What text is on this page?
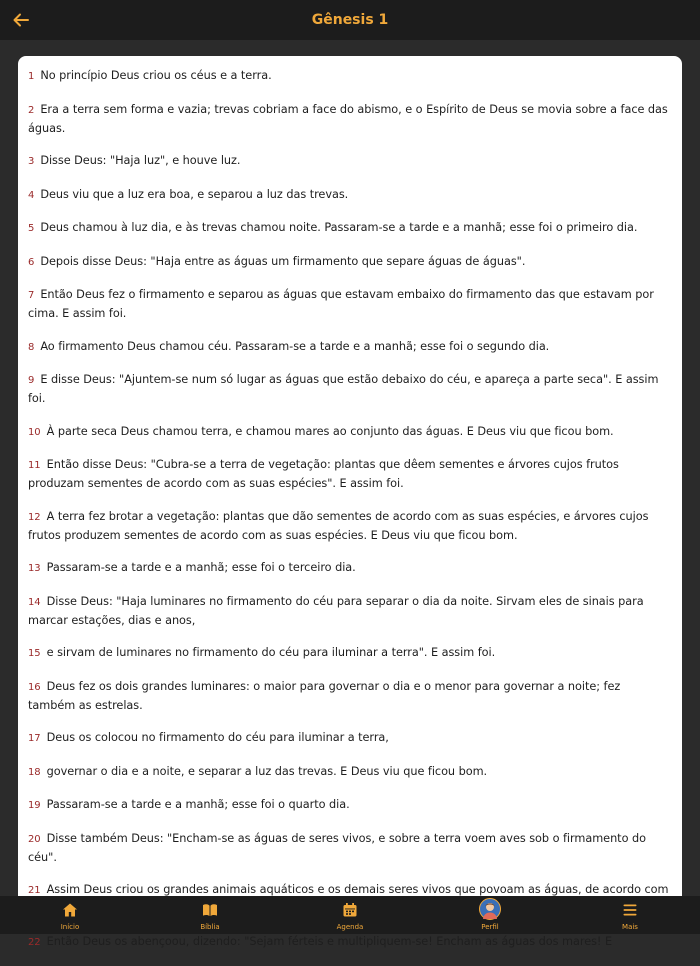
Gênesis 1

1 No princípio Deus criou os céus e a terra.

2 Era a terra sem forma e vazia; trevas cobriam a face do abismo, e o Espírito de Deus se movia sobre a face das águas.

3 Disse Deus: "Haja luz", e houve luz.

4 Deus viu que a luz era boa, e separou a luz das trevas.

5 Deus chamou à luz dia, e às trevas chamou noite. Passaram-se a tarde e a manhã; esse foi o primeiro dia.

6 Depois disse Deus: "Haja entre as águas um firmamento que separe águas de águas".

7 Então Deus fez o firmamento e separou as águas que estavam embaixo do firmamento das que estavam por cima. E assim foi.

8 Ao firmamento Deus chamou céu. Passaram-se a tarde e a manhã; esse foi o segundo dia.

9 E disse Deus: "Ajuntem-se num só lugar as águas que estão debaixo do céu, e apareça a parte seca". E assim foi.

10 À parte seca Deus chamou terra, e chamou mares ao conjunto das águas. E Deus viu que ficou bom.

11 Então disse Deus: "Cubra-se a terra de vegetação: plantas que dêem sementes e árvores cujos frutos produzam sementes de acordo com as suas espécies". E assim foi.

12 A terra fez brotar a vegetação: plantas que dão sementes de acordo com as suas espécies, e árvores cujos frutos produzem sementes de acordo com as suas espécies. E Deus viu que ficou bom.

13 Passaram-se a tarde e a manhã; esse foi o terceiro dia.

14 Disse Deus: "Haja luminares no firmamento do céu para separar o dia da noite. Sirvam eles de sinais para marcar estações, dias e anos,

15 e sirvam de luminares no firmamento do céu para iluminar a terra". E assim foi.

16 Deus fez os dois grandes luminares: o maior para governar o dia e o menor para governar a noite; fez também as estrelas.

17 Deus os colocou no firmamento do céu para iluminar a terra,

18 governar o dia e a noite, e separar a luz das trevas. E Deus viu que ficou bom.

19 Passaram-se a tarde e a manhã; esse foi o quarto dia.

20 Disse também Deus: "Encham-se as águas de seres vivos, e sobre a terra voem aves sob o firmamento do céu".

21 Assim Deus criou os grandes animais aquáticos e os demais seres vivos que povoam as águas, de acordo com

22 Então Deus os abençoou, dizendo: "Sejam férteis e multipliquem-se! Encham as águas dos mares! E

Início	Bíblia	Agenda	Perfil	Mais
